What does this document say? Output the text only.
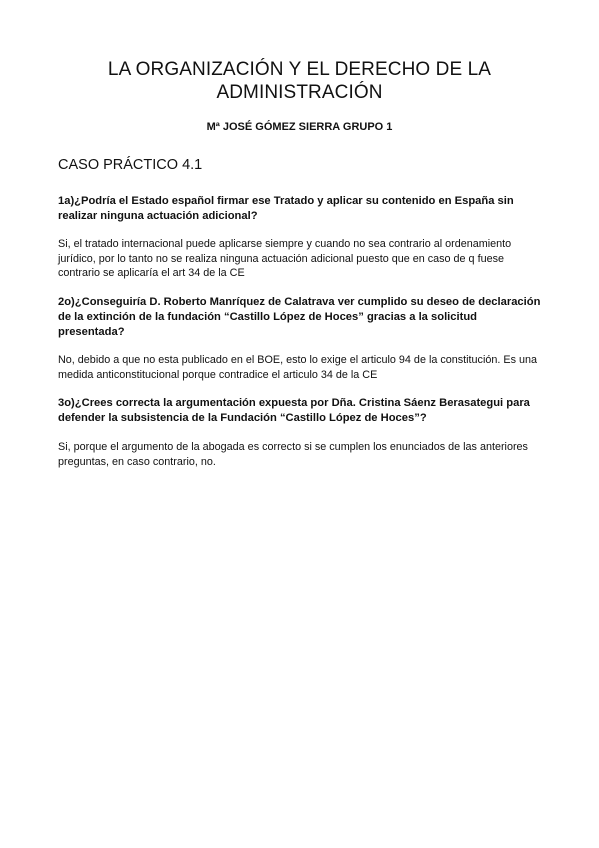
LA ORGANIZACIÓN Y EL DERECHO DE LA ADMINISTRACIÓN

Mª JOSÉ GÓMEZ SIERRA GRUPO 1

CASO PRÁCTICO 4.1

1a)¿Podría el Estado español firmar ese Tratado y aplicar su contenido en España sin realizar ninguna actuación adicional?

Si, el tratado internacional puede aplicarse siempre y cuando no sea contrario al ordenamiento jurídico, por lo tanto no se realiza ninguna actuación adicional puesto que en caso de q fuese contrario se aplicaría el art 34 de la CE

2o)¿Conseguiría D. Roberto Manríquez de Calatrava ver cumplido su deseo de declaración de la extinción de la fundación “Castillo López de Hoces” gracias a la solicitud presentada?

No, debido a que no esta publicado en el BOE, esto lo exige el articulo 94 de la constitución. Es una medida anticonstitucional porque contradice el articulo 34 de la CE

3o)¿Crees correcta la argumentación expuesta por Dña. Cristina Sáenz Berasategui para defender la subsistencia de la Fundación “Castillo López de Hoces”?

Si, porque el argumento de la abogada es correcto si se cumplen los enunciados de las anteriores preguntas, en caso contrario, no.
